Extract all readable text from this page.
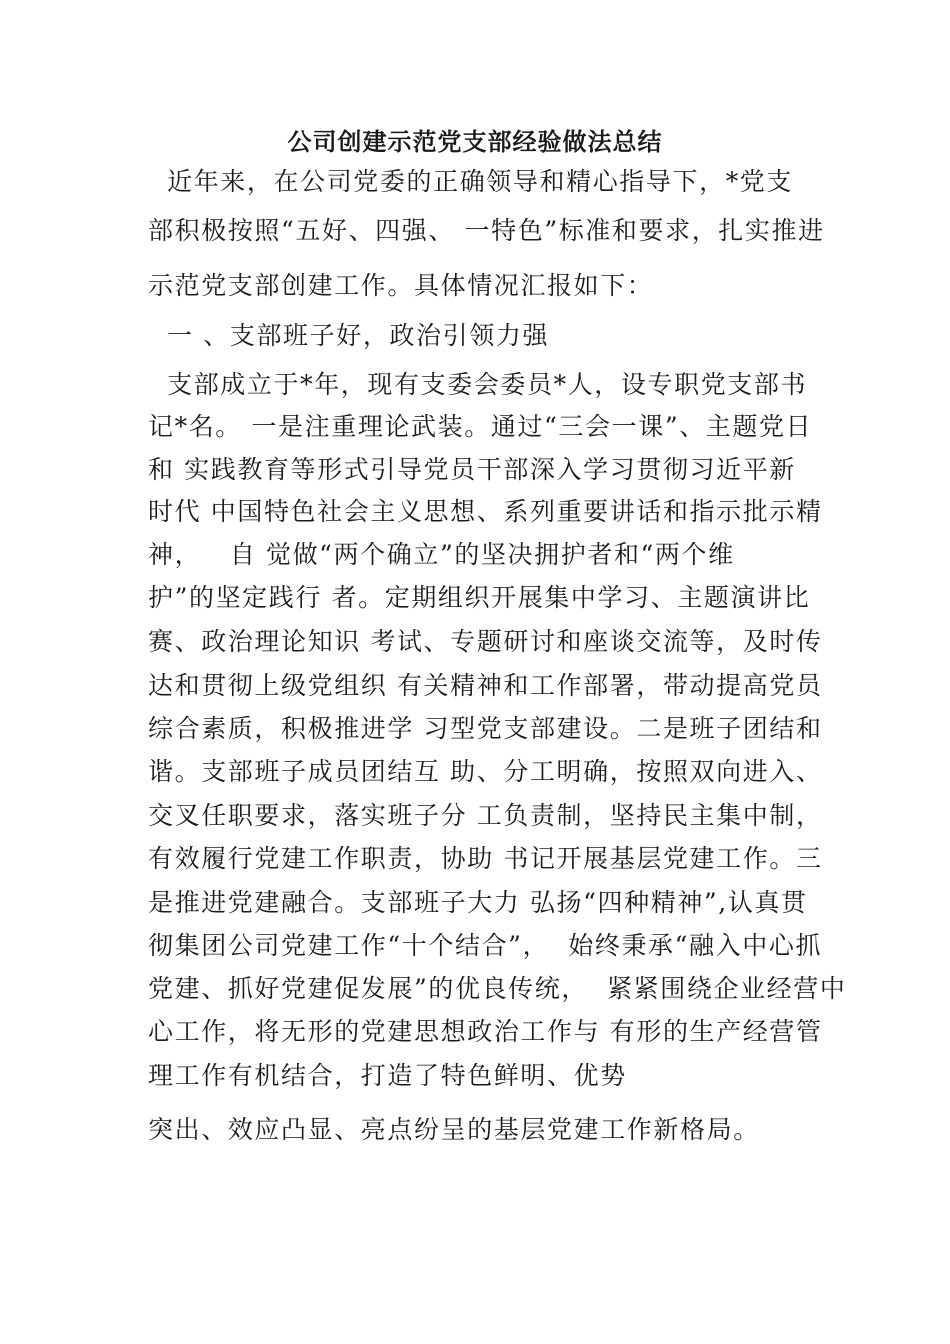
公司创建示范党支部经验做法总结
近年来，在公司党委的正确领导和精心指导下，*党支
部积极按照“五好、四强、 一特色”标准和要求，扎实推进
示范党支部创建工作。具体情况汇报如下：
一 、支部班子好，政治引领力强
支部成立于*年，现有支委会委员*人，设专职党支部书
记*名。 一是注重理论武装。通过“三会一课”、主题党日
和 实践教育等形式引导党员干部深入学习贯彻习近平新
时代 中国特色社会主义思想、系列重要讲话和指示批示精
神，   自 觉做“两个确立”的坚决拥护者和“两个维
护”的坚定践行 者。定期组织开展集中学习、主题演讲比
赛、政治理论知识 考试、专题研讨和座谈交流等，及时传
达和贯彻上级党组织 有关精神和工作部署，带动提高党员
综合素质，积极推进学 习型党支部建设。二是班子团结和
谐。支部班子成员团结互 助、分工明确，按照双向进入、
交叉任职要求，落实班子分 工负责制，坚持民主集中制，
有效履行党建工作职责，协助 书记开展基层党建工作。三
是推进党建融合。支部班子大力 弘扬“四种精神”,认真贯
彻集团公司党建工作“十个结合”，  始终秉承“融入中心抓
党建、抓好党建促发展”的优良传统，  紧紧围绕企业经营中
心工作，将无形的党建思想政治工作与 有形的生产经营管
理工作有机结合，打造了特色鲜明、优势
突出、效应凸显、亮点纷呈的基层党建工作新格局。
